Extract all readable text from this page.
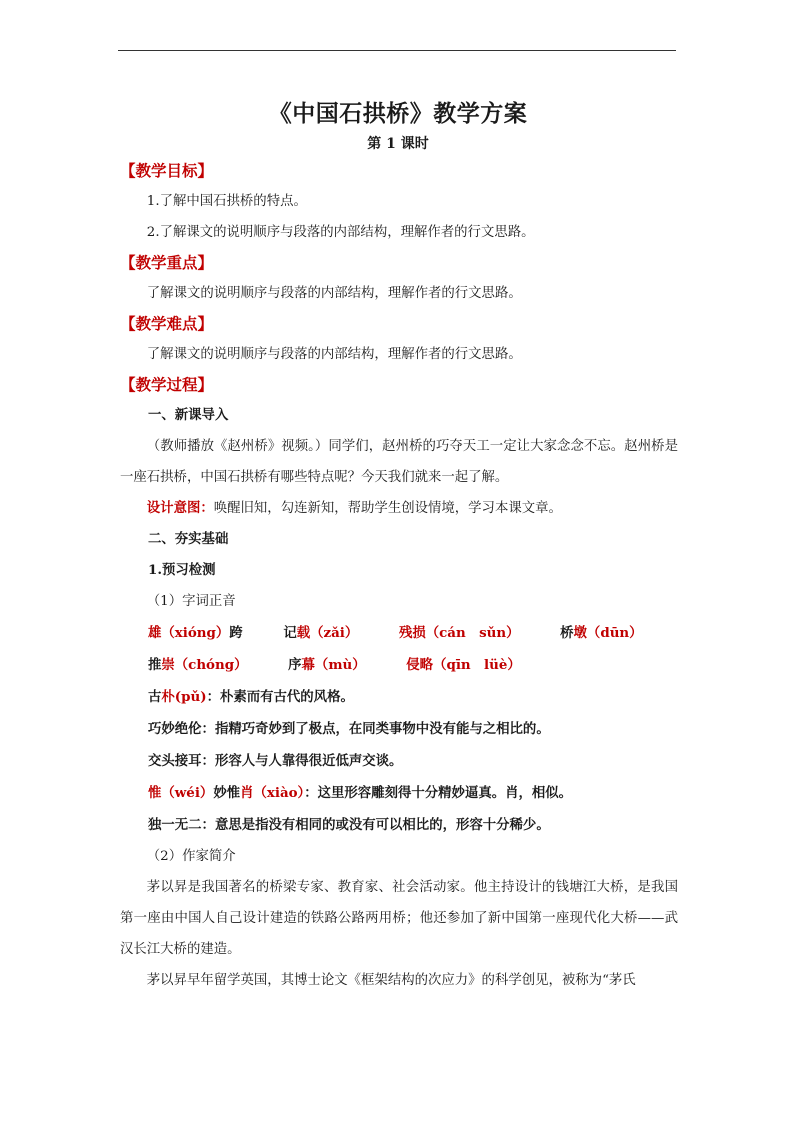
《中国石拱桥》教学方案
第 1 课时
【教学目标】

1.了解中国石拱桥的特点。

2.了解课文的说明顺序与段落的内部结构，理解作者的行文思路。

【教学重点】

了解课文的说明顺序与段落的内部结构，理解作者的行文思路。

【教学难点】

了解课文的说明顺序与段落的内部结构，理解作者的行文思路。

【教学过程】
一、新课导入

（教师播放《赵州桥》视频。）同学们，赵州桥的巧夺天工一定让大家念念不忘。赵州桥是一座石拱桥，中国石拱桥有哪些特点呢？今天我们就来一起了解。

设计意图：唤醒旧知，勾连新知，帮助学生创设情境，学习本课文章。

二、夯实基础
1.预习检测

（1）字词正音

雄（xióng）跨	记载（zǎi）	残损（cán　sǔn）	桥墩（dūn）
推崇（chóng）	序幕（mù）	侵略（qīn　lüè）
古朴(pǔ)：朴素而有古代的风格。
巧妙绝伦：指精巧奇妙到了极点，在同类事物中没有能与之相比的。
交头接耳：形容人与人靠得很近低声交谈。
惟（wéi）妙惟肖（xiào）：这里形容雕刻得十分精妙逼真。肖，相似。
独一无二：意思是指没有相同的或没有可以相比的，形容十分稀少。

（2）作家简介

茅以昇是我国著名的桥梁专家、教育家、社会活动家。他主持设计的钱塘江大桥，是我国第一座由中国人自己设计建造的铁路公路两用桥；他还参加了新中国第一座现代化大桥——武汉长江大桥的建造。

茅以昇早年留学英国，其博士论文《框架结构的次应力》的科学创见，被称为“茅氏
